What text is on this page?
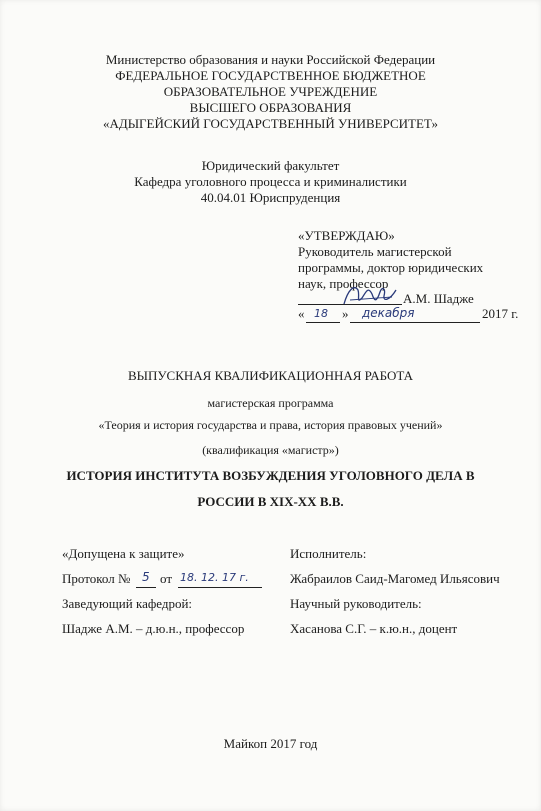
Министерство образования и науки Российской Федерации
ФЕДЕРАЛЬНОЕ ГОСУДАРСТВЕННОЕ БЮДЖЕТНОЕ
ОБРАЗОВАТЕЛЬНОЕ УЧРЕЖДЕНИЕ
ВЫСШЕГО ОБРАЗОВАНИЯ
«АДЫГЕЙСКИЙ ГОСУДАРСТВЕННЫЙ УНИВЕРСИТЕТ»
Юридический факультет
Кафедра уголовного процесса и криминалистики
40.04.01 Юриспруденция
«УТВЕРЖДАЮ»
Руководитель магистерской
программы, доктор юридических
наук, профессор
А.М. Шадже
« 18 » декабря	2017 г.
ВЫПУСКНАЯ КВАЛИФИКАЦИОННАЯ РАБОТА
магистерская программа
«Теория и история государства и права, история правовых учений»
(квалификация «магистр»)
ИСТОРИЯ ИНСТИТУТА ВОЗБУЖДЕНИЯ УГОЛОВНОГО ДЕЛА В
РОССИИ В XIX-XX В.В.
«Допущена к защите»
Протокол № 5 от 18. 12. 17 г.
Заведующий кафедрой:
Шадже А.М. – д.ю.н., профессор
Исполнитель:
Жабраилов Саид-Магомед Ильясович
Научный руководитель:
Хасанова С.Г. – к.ю.н., доцент
Майкоп 2017 год
